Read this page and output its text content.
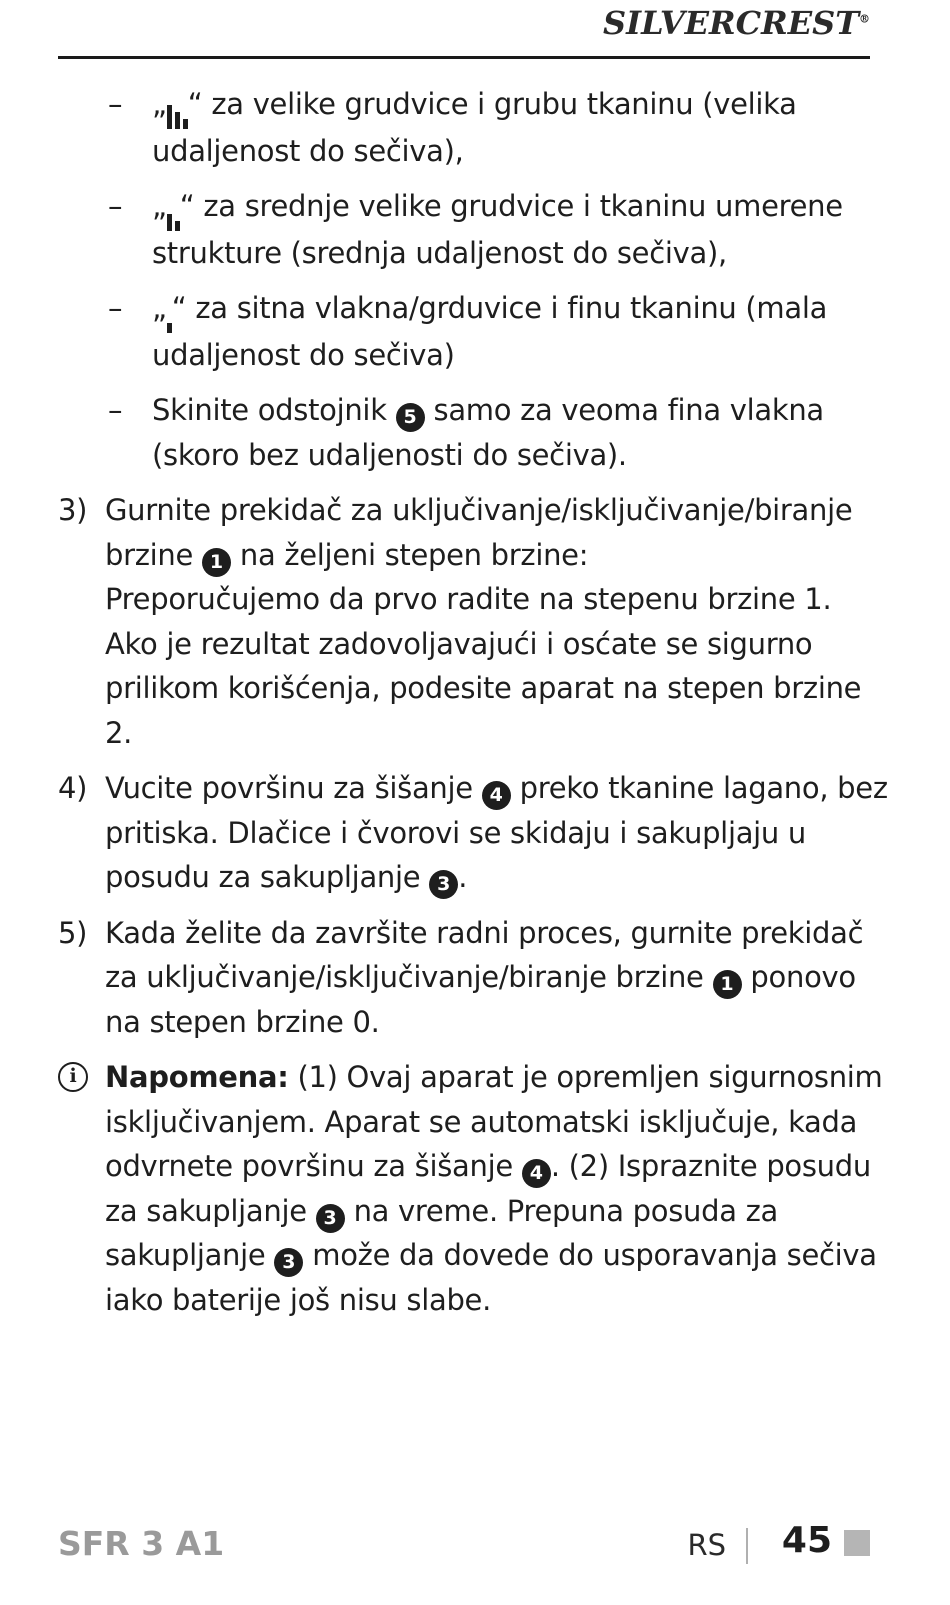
SILVERCREST®
– „ “ za velike grudvice i grubu tkaninu (velika udaljenost do sečiva),
– „ “ za srednje velike grudvice i tkaninu umerene strukture (srednja udaljenost do sečiva),
– „ “ za sitna vlakna/grduvice i finu tkaninu (mala udaljenost do sečiva)
– Skinite odstojnik 5 samo za veoma fina vlakna (skoro bez udaljenosti do sečiva).
3) Gurnite prekidač za uključivanje/isključivanje/biranje brzine 1 na željeni stepen brzine:
Preporučujemo da prvo radite na stepenu brzine 1. Ako je rezultat zadovoljavajući i osćate se sigurno prilikom korišćenja, podesite aparat na stepen brzine 2.
4) Vucite površinu za šišanje 4 preko tkanine lagano, bez pritiska. Dlačice i čvorovi se skidaju i sakupljaju u posudu za sakupljanje 3 .
5) Kada želite da završite radni proces, gurnite prekidač za uključivanje/isključivanje/biranje brzine 1 ponovo na stepen brzine 0.
i Napomena: (1) Ovaj aparat je opremljen sigurnosnim isključivanjem. Aparat se automatski isključuje, kada odvrnete površinu za šišanje 4 . (2) Ispraznite posudu za sakupljanje 3 na vreme. Prepuna posuda za sakupljanje 3 može da dovede do usporavanja sečiva iako baterije još nisu slabe.
SFR 3 A1	RS 45
